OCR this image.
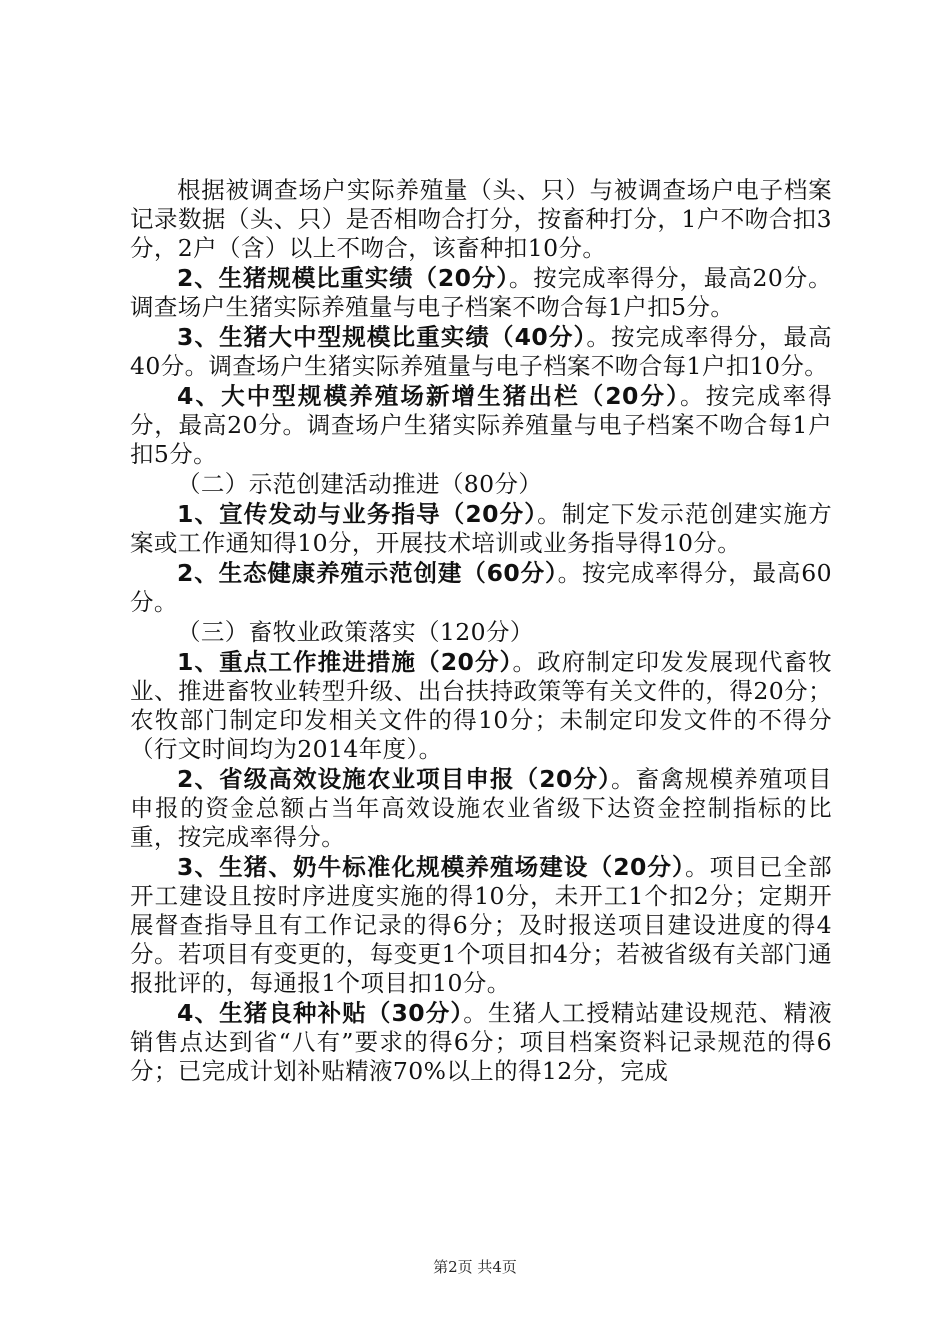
根据被调查场户实际养殖量（头、只）与被调查场户电子档案记录数据（头、只）是否相吻合打分，按畜种打分，1户不吻合扣3分，2户（含）以上不吻合，该畜种扣10分。

2、生猪规模比重实绩（20分）。按完成率得分，最高20分。调查场户生猪实际养殖量与电子档案不吻合每1户扣5分。

3、生猪大中型规模比重实绩（40分）。按完成率得分，最高40分。调查场户生猪实际养殖量与电子档案不吻合每1户扣10分。

4、大中型规模养殖场新增生猪出栏（20分）。按完成率得分，最高20分。调查场户生猪实际养殖量与电子档案不吻合每1户扣5分。

（二）示范创建活动推进（80分）

1、宣传发动与业务指导（20分）。制定下发示范创建实施方案或工作通知得10分，开展技术培训或业务指导得10分。

2、生态健康养殖示范创建（60分）。按完成率得分，最高60分。

（三）畜牧业政策落实（120分）

1、重点工作推进措施（20分）。政府制定印发发展现代畜牧业、推进畜牧业转型升级、出台扶持政策等有关文件的，得20分；农牧部门制定印发相关文件的得10分；未制定印发文件的不得分（行文时间均为2014年度）。

2、省级高效设施农业项目申报（20分）。畜禽规模养殖项目申报的资金总额占当年高效设施农业省级下达资金控制指标的比重，按完成率得分。

3、生猪、奶牛标准化规模养殖场建设（20分）。项目已全部开工建设且按时序进度实施的得10分，未开工1个扣2分；定期开展督查指导且有工作记录的得6分；及时报送项目建设进度的得4分。若项目有变更的，每变更1个项目扣4分；若被省级有关部门通报批评的，每通报1个项目扣10分。

4、生猪良种补贴（30分）。生猪人工授精站建设规范、精液销售点达到省“八有”要求的得6分；项目档案资料记录规范的得6分；已完成计划补贴精液70%以上的得12分，完成

第2页 共4页
